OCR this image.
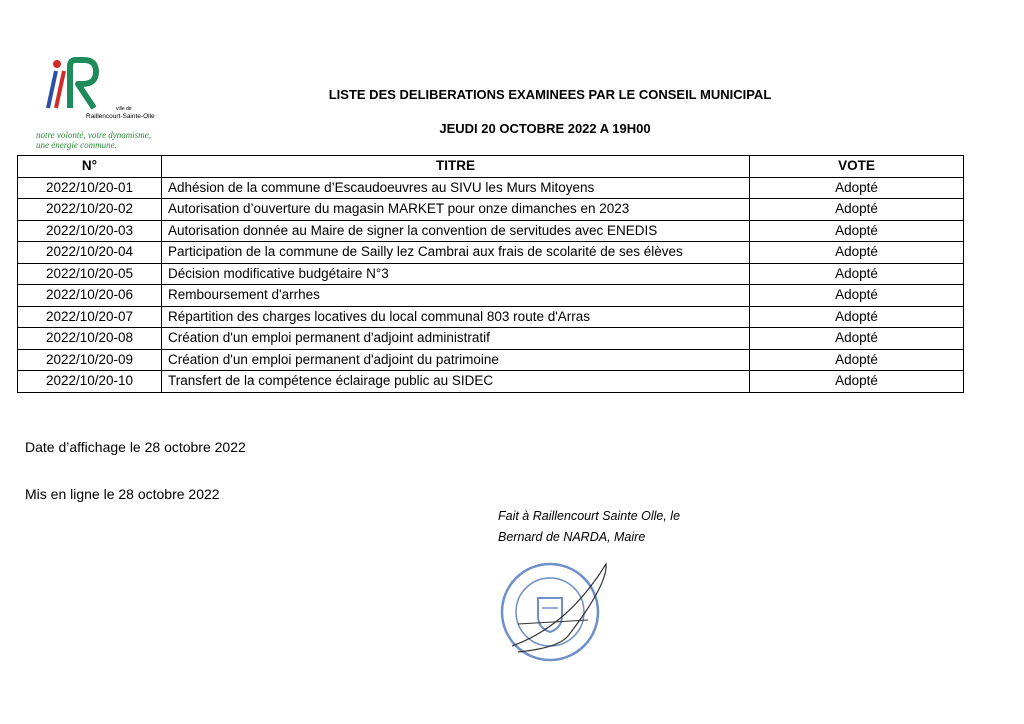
ville de
Raillencourt-Sainte-Olle
notre volonté, votre dynamisme,
une énergie commune.
LISTE DES DELIBERATIONS EXAMINEES PAR LE CONSEIL MUNICIPAL
JEUDI 20 OCTOBRE 2022 A 19H00
N°	TITRE	VOTE
2022/10/20-01	Adhésion de la commune d’Escaudoeuvres au SIVU les Murs Mitoyens	Adopté
2022/10/20-02	Autorisation d’ouverture du magasin MARKET pour onze dimanches en 2023	Adopté
2022/10/20-03	Autorisation donnée au Maire de signer la convention de servitudes avec ENEDIS	Adopté
2022/10/20-04	Participation de la commune de Sailly lez Cambrai aux frais de scolarité de ses élèves	Adopté
2022/10/20-05	Décision modificative budgétaire N°3	Adopté
2022/10/20-06	Remboursement d'arrhes	Adopté
2022/10/20-07	Répartition des charges locatives du local communal 803 route d'Arras	Adopté
2022/10/20-08	Création d'un emploi permanent d'adjoint administratif	Adopté
2022/10/20-09	Création d'un emploi permanent d'adjoint du patrimoine	Adopté
2022/10/20-10	Transfert de la compétence éclairage public au SIDEC	Adopté
Date d’affichage le 28 octobre 2022
Mis en ligne le 28 octobre 2022
Fait à Raillencourt Sainte Olle, le
Bernard de NARDA, Maire
